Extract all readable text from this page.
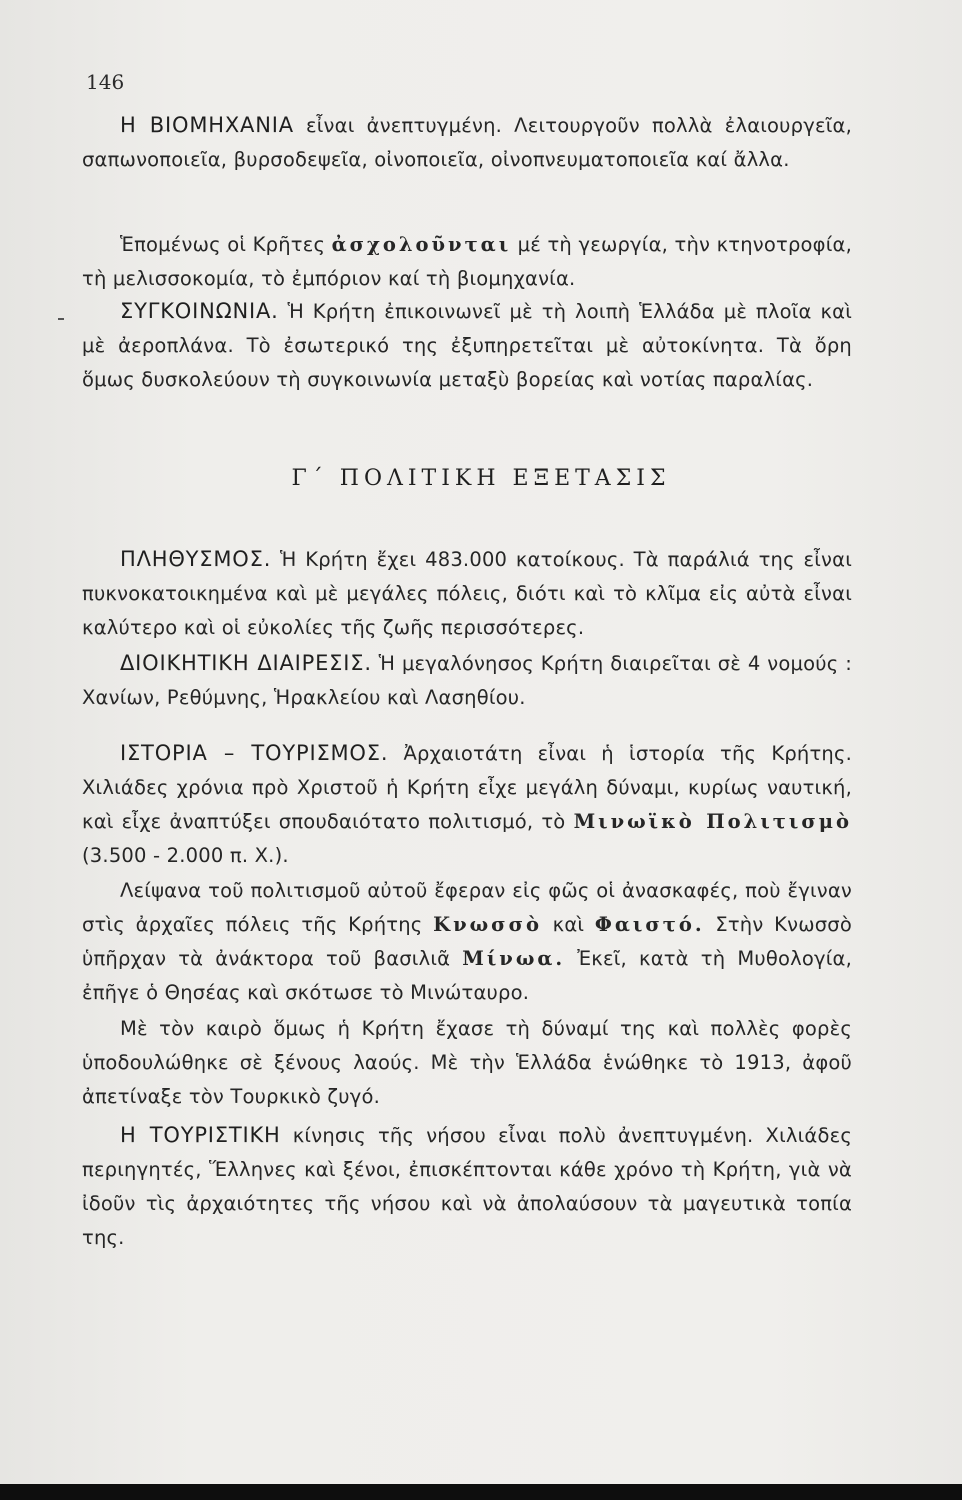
146

Η ΒΙΟΜΗΧΑΝΙΑ εἶναι ἀνεπτυγμένη. Λειτουργοῦν πολλὰ ἐλαιουργεῖα, σαπωνοποιεῖα, βυρσοδεψεῖα, οἰνοποιεῖα, οἰνοπνευματοποιεῖα καί ἄλλα.

Ἑπομένως οἱ Κρῆτες ἀσχολοῦνται μέ τὴ γεωργία, τὴν κτηνοτροφία, τὴ μελισσοκομία, τὸ ἐμπόριον καί τὴ βιομηχανία.

ΣΥΓΚΟΙΝΩΝΙΑ. Ἡ Κρήτη ἐπικοινωνεῖ μὲ τὴ λοιπὴ Ἑλλάδα μὲ πλοῖα καὶ μὲ ἀεροπλάνα. Τὸ ἐσωτερικό της ἐξυπηρετεῖται μὲ αὐτοκίνητα. Τὰ ὄρη ὅμως δυσκολεύουν τὴ συγκοινωνία μεταξὺ βορείας καὶ νοτίας παραλίας.

Γ΄ ΠΟΛΙΤΙΚΗ ΕΞΕΤΑΣΙΣ

ΠΛΗΘΥΣΜΟΣ. Ἡ Κρήτη ἔχει 483.000 κατοίκους. Τὰ παράλιά της εἶναι πυκνοκατοικημένα καὶ μὲ μεγάλες πόλεις, διότι καὶ τὸ κλῖμα εἰς αὐτὰ εἶναι καλύτερο καὶ οἱ εὐκολίες τῆς ζωῆς περισσότερες.

ΔΙΟΙΚΗΤΙΚΗ ΔΙΑΙΡΕΣΙΣ. Ἡ μεγαλόνησος Κρήτη διαιρεῖται σὲ 4 νομούς : Χανίων, Ρεθύμνης, Ἡρακλείου καὶ Λασηθίου.

ΙΣΤΟΡΙΑ – ΤΟΥΡΙΣΜΟΣ. Ἀρχαιοτάτη εἶναι ἡ ἱστορία τῆς Κρήτης. Χιλιάδες χρόνια πρὸ Χριστοῦ ἡ Κρήτη εἶχε μεγάλη δύναμι, κυρίως ναυτική, καὶ εἶχε ἀναπτύξει σπουδαιότατο πολιτισμό, τὸ Μινωϊκὸ Πολιτισμὸ (3.500 - 2.000 π. Χ.).

Λείψανα τοῦ πολιτισμοῦ αὐτοῦ ἔφεραν εἰς φῶς οἱ ἀνασκαφές, ποὺ ἔγιναν στὶς ἀρχαῖες πόλεις τῆς Κρήτης Κνωσσὸ καὶ Φαιστό. Στὴν Κνωσσὸ ὑπῆρχαν τὰ ἀνάκτορα τοῦ βασιλιᾶ Μίνωα. Ἐκεῖ, κατὰ τὴ Μυθολογία, ἐπῆγε ὁ Θησέας καὶ σκότωσε τὸ Μινώταυρο.

Μὲ τὸν καιρὸ ὅμως ἡ Κρήτη ἔχασε τὴ δύναμί της καὶ πολλὲς φορὲς ὑποδουλώθηκε σὲ ξένους λαούς. Μὲ τὴν Ἑλλάδα ἑνώθηκε τὸ 1913, ἀφοῦ ἀπετίναξε τὸν Τουρκικὸ ζυγό.

Η ΤΟΥΡΙΣΤΙΚΗ κίνησις τῆς νήσου εἶναι πολὺ ἀνεπτυγμένη. Χιλιάδες περιηγητές, Ἕλληνες καὶ ξένοι, ἐπισκέπτονται κάθε χρόνο τὴ Κρήτη, γιὰ νὰ ἰδοῦν τὶς ἀρχαιότητες τῆς νήσου καὶ νὰ ἀπολαύσουν τὰ μαγευτικὰ τοπία της.
